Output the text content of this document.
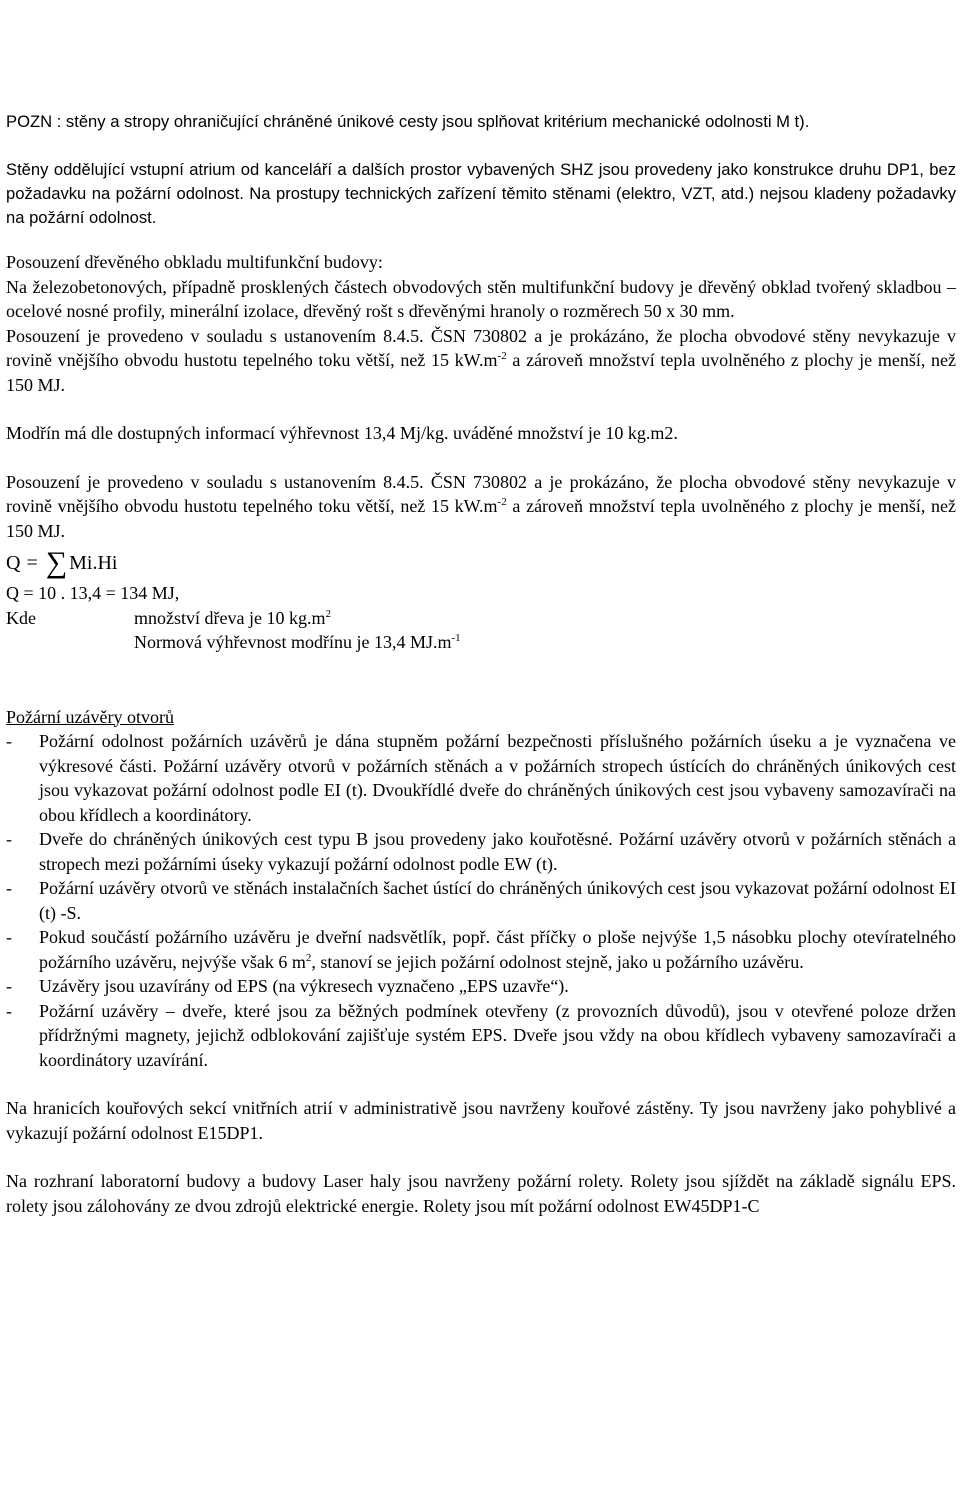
POZN : stěny a stropy ohraničující chráněné únikové cesty jsou splňovat kritérium mechanické odolnosti M t).

Stěny oddělující vstupní atrium od kanceláří a dalších prostor vybavených SHZ jsou provedeny jako konstrukce druhu DP1, bez požadavku na požární odolnost. Na prostupy technických zařízení těmito stěnami (elektro, VZT, atd.) nejsou kladeny požadavky na požární odolnost.

Posouzení dřevěného obkladu multifunkční budovy:

Na železobetonových, případně prosklených částech obvodových stěn multifunkční budovy je dřevěný obklad tvořený skladbou – ocelové nosné profily, minerální izolace, dřevěný rošt s dřevěnými hranoly o rozměrech 50 x 30 mm.

Posouzení je provedeno v souladu s ustanovením 8.4.5. ČSN 730802 a je prokázáno, že plocha obvodové stěny nevykazuje v rovině vnějšího obvodu hustotu tepelného toku větší, než 15 $kW.m^{-2}$ a zároveň množství tepla uvolněného z plochy je menší, než 150 MJ.

Modřín má dle dostupných informací výhřevnost 13,4 Mj/kg. uváděné množství je 10 kg.m2.

Posouzení je provedeno v souladu s ustanovením 8.4.5. ČSN 730802 a je prokázáno, že plocha obvodové stěny nevykazuje v rovině vnějšího obvodu hustotu tepelného toku větší, než 15 $kW.m^{-2}$ a zároveň množství tepla uvolněného z plochy je menší, než 150 MJ.

Q = ∑ Mi.Hi

Q = 10 . 13,4 = 134 MJ,

Kde	množství dřeva je 10 $kg.m^2$
Normová výhřevnost modřínu je 13,4 $MJ.m^{-1}$

Požární uzávěry otvorů

- Požární odolnost požárních uzávěrů je dána stupněm požární bezpečnosti příslušného požárních úseku a je vyznačena ve výkresové části. Požární uzávěry otvorů v požárních stěnách a v požárních stropech ústících do chráněných únikových cest jsou vykazovat požární odolnost podle EI (t). Dvoukřídlé dveře do chráněných únikových cest jsou vybaveny samozavírači na obou křídlech a koordinátory.
- Dveře do chráněných únikových cest typu B jsou provedeny jako kouřotěsné. Požární uzávěry otvorů v požárních stěnách a stropech mezi požárními úseky vykazují požární odolnost podle EW (t).
- Požární uzávěry otvorů ve stěnách instalačních šachet ústící do chráněných únikových cest jsou vykazovat požární odolnost EI (t) -S.
- Pokud součástí požárního uzávěru je dveřní nadsvětlík, popř. část příčky o ploše nejvýše 1,5 násobku plochy otevíratelného požárního uzávěru, nejvýše však 6 $m^2$, stanoví se jejich požární odolnost stejně, jako u požárního uzávěru.
- Uzávěry jsou uzavírány od EPS (na výkresech vyznačeno „EPS uzavře“).
- Požární uzávěry – dveře, které jsou za běžných podmínek otevřeny (z provozních důvodů), jsou v otevřené poloze držen přídržnými magnety, jejichž odblokování zajišťuje systém EPS. Dveře jsou vždy na obou křídlech vybaveny samozavírači a koordinátory uzavírání.

Na hranicích kouřových sekcí vnitřních atrií v administrativě jsou navrženy kouřové zástěny. Ty jsou navrženy jako pohyblivé a vykazují požární odolnost E15DP1.

Na rozhraní laboratorní budovy a budovy Laser haly jsou navrženy požární rolety. Rolety jsou sjíždět na základě signálu EPS. rolety jsou zálohovány ze dvou zdrojů elektrické energie. Rolety jsou mít požární odolnost EW45DP1-C
